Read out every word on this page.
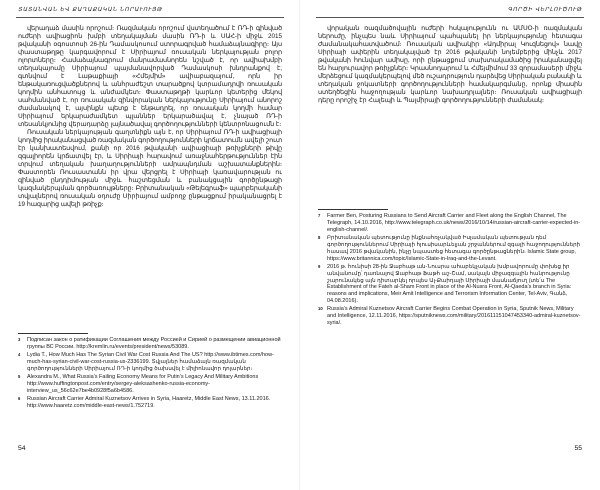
ՏԱՏԱՆՎԱՆ ԵՎ ՔԱՂԱՔԱԿԱՆ ՆՈՐԱՒՈՒՅԹ

վերադաձ մասին որոշում։ Ռազմական որոշում վստեղածում է ՌԴ-ի գինված ուժերի ավիացիոն խմբի տեղակայման մասին ՌԴ-ի և ՍԱՀ-ի միջև 2015 թվականի օգոստոսի 26-ին Դամասկոսում ստորագրված համաձայնագիրը։ Այս փաստաթղթը կարգավորում է Սիրիայում ռուսական ներկայության բոլոր ոլորտները։ Համաձայնագրում մանրամասնորեն նշված է, որ ավիախմբի տեղակայումը Սիրիայում պայմանավորված Դամասկոսի խնդրանքով է, գտնվում է Լաթաքիայի «Հմեյմիմ» ավիաբազայում, որն իր ենթակառուցվածքներով և անհրաժեշտ տարածքով կտրամադրվի ռուսական կողմին անհատույց և անժամկետ։ Փաստաթղթի կարևոր կետերից մեկով սահմանված է, որ ռուսական զինվորական ներկայությունը Սիրիայում անորոշ ժամանակով է, այսինքն պետք է ենթադրել, որ ռուսական կողմի համար Սիրիայում երկարաժամկետ պլաններ երկարածավալ է, չնայած ՌԴ-ի տեսանկյունից վերադարձը լայնածավալ գործողությունների կենտրոնացումն է։

Ռուսական ներկայության գաղտնիքն այն է, որ Սիրիայում ՌԴ-ի ավիացիայի կողմից իրականացված ռազմական գործողությունների կրճատումն ավելի շուտ էր կանխատեսվում, քանի որ 2016 թվականի ավիացիայի թռիչքների թիվը զգալիորեն կրճատվել էր, և Սիրիայի հարավում առաջնահերթություններ էին տրվում տեղական խաղաղությունների ամրապնդման աշխատանքներին։ Փաստորեն Ռուսաստանն իր վրա վերցրել է Սիրիայի կառավարության ու զինված ընդդիմության միջև հաշտեցման և բանակցային գործընթացի կազմակերպման գործառույթները։ Բրիտանական «Թելեգրաֆ» պարբերականի տվյալներով ռուսական օդուժը Սիրիայում ամբողջ ընթացքում իրականացրել է 19 հազարից ավելի թռիչք։

3 Подписан закон о ратификации Соглашения между Россией и Сирией о размещении авиационной группы ВС России. http://kremlin.ru/events/president/news/53089.
4 Lydia T., How Much Has The Syrian Civil War Cost Russia And The US? http://www.ibtimes.com/how-much-has-syrian-civil-war-cost-russia-us-2336199. Տվյալներ համաձայն ռազմական գործողությունների Սիրիայում ՌԴ-ի կողմից ծախսվել է միլիոնավոր դոլարներ։
5 Alexandra M., What Russia’s Failing Economy Means for Putin’s Legacy And Military Ambitions http://www.huffingtonpost.com/entry/sergey-aleksashenko-russia-economy-interview_us_56c62e7be4b0928f5a6b4586.
6 Russian Aircraft Carrier Admiral Kuznetsov Arrives in Syria, Haaretz, Middle East News, 13.11.2016. http://www.haaretz.com/middle-east-news/1.752719.
54
ԳՈՐԾԻ ՎԵՐԼՈՒԾՈՒԹ

վորական ռազմածովային ուժերի հսկայությունն ու ԱՄՍՕ-ի ռազմական ներուժը, ինչպես նաև Սիրիայում պահպանել իր ներկայությունը հետագա ժամանակահատվածում։ Ռուսական ավիակիր «Ադմիրալ Կուզնեցով» նավը Սիրիայի ափերին տեղակայված էր 2016 թվականի նոյեմբերից մինչև 2017 թվականի հունվար ամիսը, որի ընթացքում տախտակամածից իրականացվել են հարյուրավոր թռիչքներ։ Կրասնոդարում և Հմեյմիմում 33 զորամասերի միջև մերձեցում կազմակերպելով մեծ ուշադրություն դարձվեց Սիրիական բանակի և տեղական ջոկատների գործողությունների համակարգմանը, որոնք միասին ստեղծեցին հաջողության կարևոր նախադրյալներ։ Ռուսական ավիացիայի դերը որոշիչ էր Հալեպի և Պալմիրայի գործողությունների ժամանակ։

7 Farmer Ben, Posturing Russians to Send Aircraft Carrier and Fleet along the English Channel, The Telegraph, 14.10.2016, http://www.telegraph.co.uk/news/2016/10/14/russian-aircraft-carrier-expected-in-english-channel/.
8 Բրիտանական պետությունը ինքնահռչակված Իսլամական պետության դեմ գործողություններում Սիրիայի հյուսիսարևելյան շրջաններում զգալի հաջողությունների հասավ 2016 թվականին, ինչը նպաստեց հետագա գործընթացներին։ Islamic State group, https://www.britannica.com/topic/Islamic-State-in-Iraq-and-the-Levant.
9 2016 թ. հունիսի 28-ին Ջաբհաթ ան-Նուսրա ահաբեկչական խմբավորումը փոխեց իր անվանումը՝ դառնալով Ջաբհաթ Ֆաթհ աշ-Շամ, սակայն միջազգային հանրությունը շարունակեց այն դիտարկել որպես Ալ-Քաիդայի Սիրիայի մասնաճյուղ (տե՛ս The Establishment of the Fateh al-Sham Front in place of the Al-Nusra Front, Al-Qaeda’s branch in Syria: reasons and implications, Meir Amit Intelligence and Terrorism Information Center, Tel-Aviv, Գանձ, 04.08.2016).
10 Russia’s Admiral Kuznetsov Aircraft Carrier Begins Combat Operation in Syria, Sputnik News, Military and Intelligence, 12.11.2016, https://sputniknews.com/military/201611151047453340-admiral-kuznetsov-syria/.
55
